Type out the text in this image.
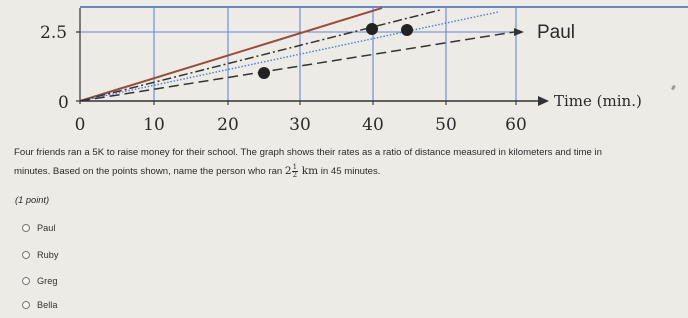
2.5
0
0	10	20	30	40	50	60
Paul
Time (min.)
Four friends ran a 5K to raise money for their school. The graph shows their rates as a ratio of distance measured in kilometers and time in
minutes. Based on the points shown, name the person who ran $2 \frac{1}{2}$ km in 45 minutes.
(1 point)
Paul
Ruby
Greg
Bella
